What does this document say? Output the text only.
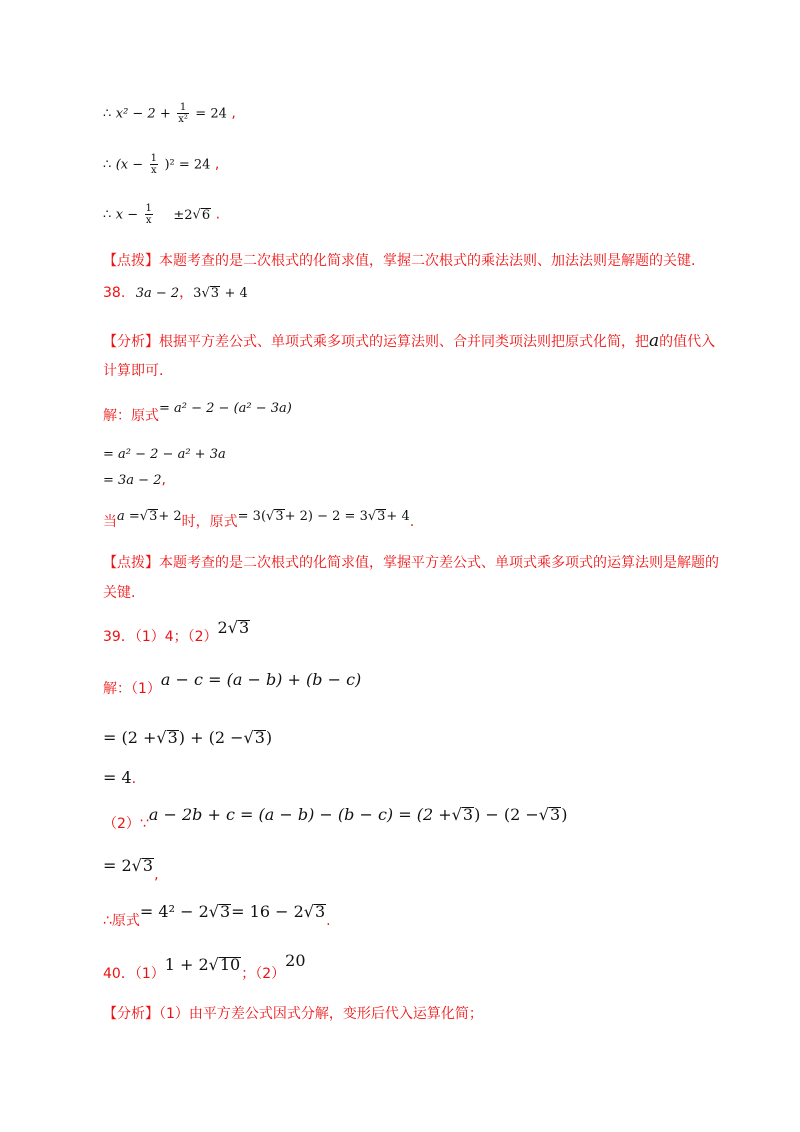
∴ $x^2 - 2 + \frac{1}{\text{x²}} = 24$ ,
∴ $(x - \frac{1}{x} )^2 = 24$ ,
∴ $x - \frac{1}{x} \pm 2√6$ .
【点拨】本题考查的是二次根式的化简求值，掌握二次根式的乘法法则、加法法则是解题的关键.
38. 3a − 2，3√3 + 4
【分析】根据平方差公式、单项式乘多项式的运算法则、合并同类项法则把原式化简，把a的值代入
计算即可.
解：原式= a² − 2 − (a² − 3a)
= a² − 2 − a² + 3a
= 3a − 2,
当a =√3+ 2时，原式= 3(√3+ 2) − 2 = 3√3+ 4.
【点拨】本题考查的是二次根式的化简求值，掌握平方差公式、单项式乘多项式的运算法则是解题的
关键.
39．（1）4；（2）2√3
解：（1）a − c = (a − b) + (b − c)
= (2 +√3) + (2 −√3)
= 4.
（2）∵a − 2b + c = (a − b) − (b − c) = (2 +√3) − (2 −√3)
= 2√3,
∴原式= 4² − 2√3= 16 − 2√3.
40．（1）1 + 2√10；（2）20
【分析】（1）由平方差公式因式分解，变形后代入运算化简；
